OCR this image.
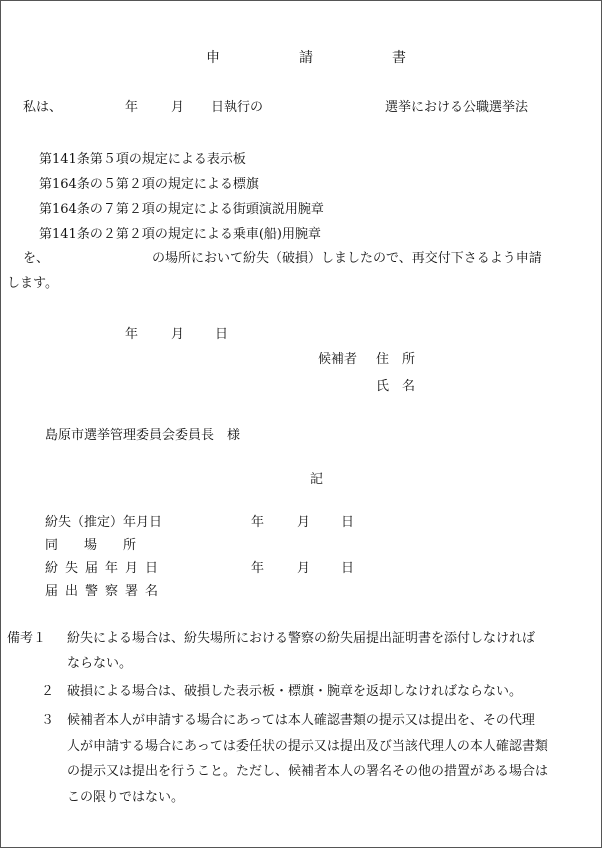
申	請	書
私は、	年	月 日執行の	選挙における公職選挙法
第141条第５項の規定による表示板
第164条の５第２項の規定による標旗
第164条の７第２項の規定による街頭演説用腕章
第141条の２第２項の規定による乗車(船)用腕章
を、	の場所において紛失（破損）しましたので、再交付下さるよう申請
します。
年	月 日
候補者 住　所
氏　名
島原市選挙管理委員会委員長　様
記
紛失（推定）年月日	年	月 日
同　　場　　所
紛失届年月日	年	月 日
届出警察署名
備考１ 紛失による場合は、紛失場所における警察の紛失届提出証明書を添付しなければ
ならない。
２ 破損による場合は、破損した表示板・標旗・腕章を返却しなければならない。
３ 候補者本人が申請する場合にあっては本人確認書類の提示又は提出を、その代理
人が申請する場合にあっては委任状の提示又は提出及び当該代理人の本人確認書類
の提示又は提出を行うこと。ただし、候補者本人の署名その他の措置がある場合は
この限りではない。
